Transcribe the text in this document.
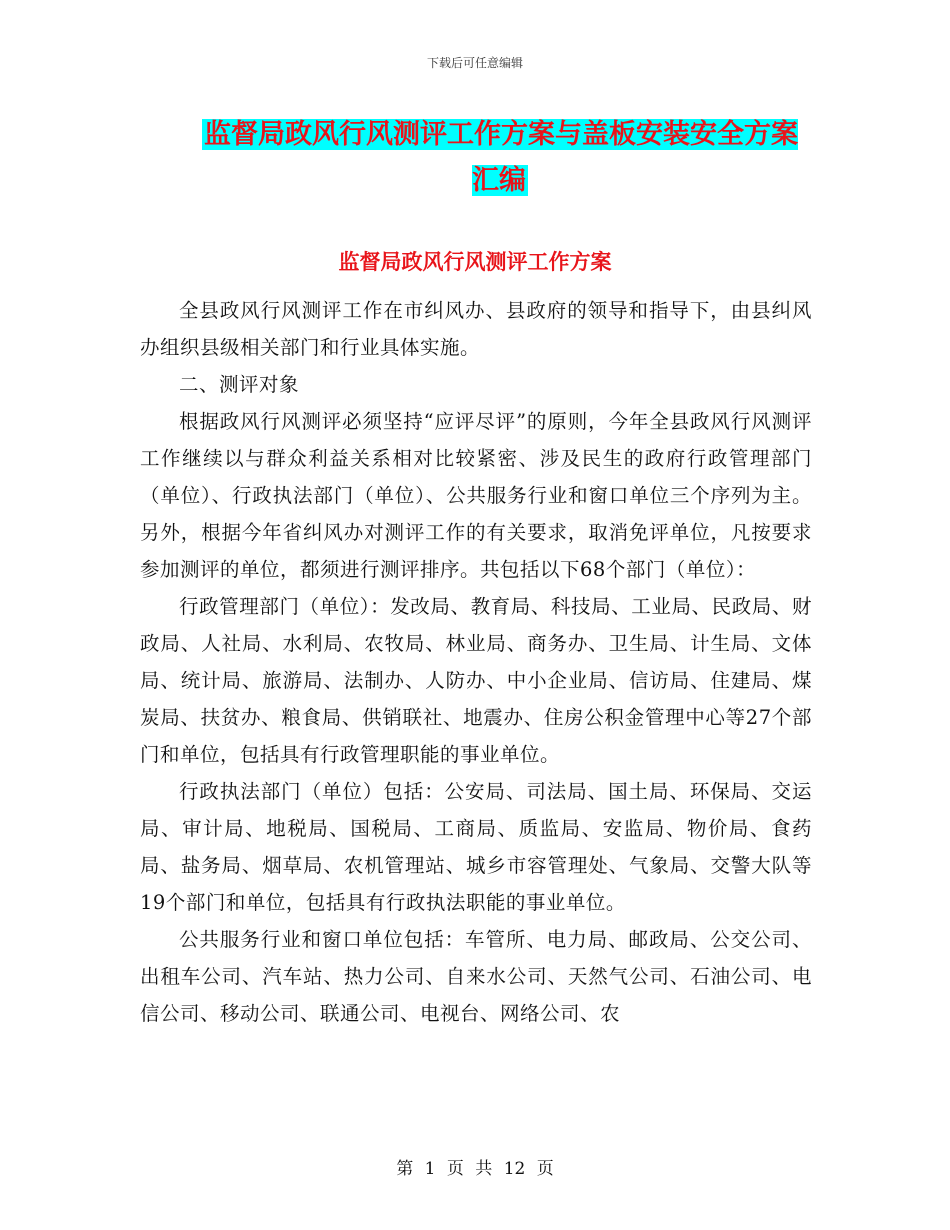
下载后可任意编辑
监督局政风行风测评工作方案与盖板安装安全方案汇编
监督局政风行风测评工作方案

全县政风行风测评工作在市纠风办、县政府的领导和指导下，由县纠风办组织县级相关部门和行业具体实施。

二、测评对象

根据政风行风测评必须坚持“应评尽评”的原则，今年全县政风行风测评工作继续以与群众利益关系相对比较紧密、涉及民生的政府行政管理部门（单位）、行政执法部门（单位）、公共服务行业和窗口单位三个序列为主。另外，根据今年省纠风办对测评工作的有关要求，取消免评单位，凡按要求参加测评的单位，都须进行测评排序。共包括以下68个部门（单位）：

行政管理部门（单位）：发改局、教育局、科技局、工业局、民政局、财政局、人社局、水利局、农牧局、林业局、商务办、卫生局、计生局、文体局、统计局、旅游局、法制办、人防办、中小企业局、信访局、住建局、煤炭局、扶贫办、粮食局、供销联社、地震办、住房公积金管理中心等27个部门和单位，包括具有行政管理职能的事业单位。

行政执法部门（单位）包括：公安局、司法局、国土局、环保局、交运局、审计局、地税局、国税局、工商局、质监局、安监局、物价局、食药局、盐务局、烟草局、农机管理站、城乡市容管理处、气象局、交警大队等19个部门和单位，包括具有行政执法职能的事业单位。

公共服务行业和窗口单位包括：车管所、电力局、邮政局、公交公司、出租车公司、汽车站、热力公司、自来水公司、天然气公司、石油公司、电信公司、移动公司、联通公司、电视台、网络公司、农

第 1 页 共 12 页
